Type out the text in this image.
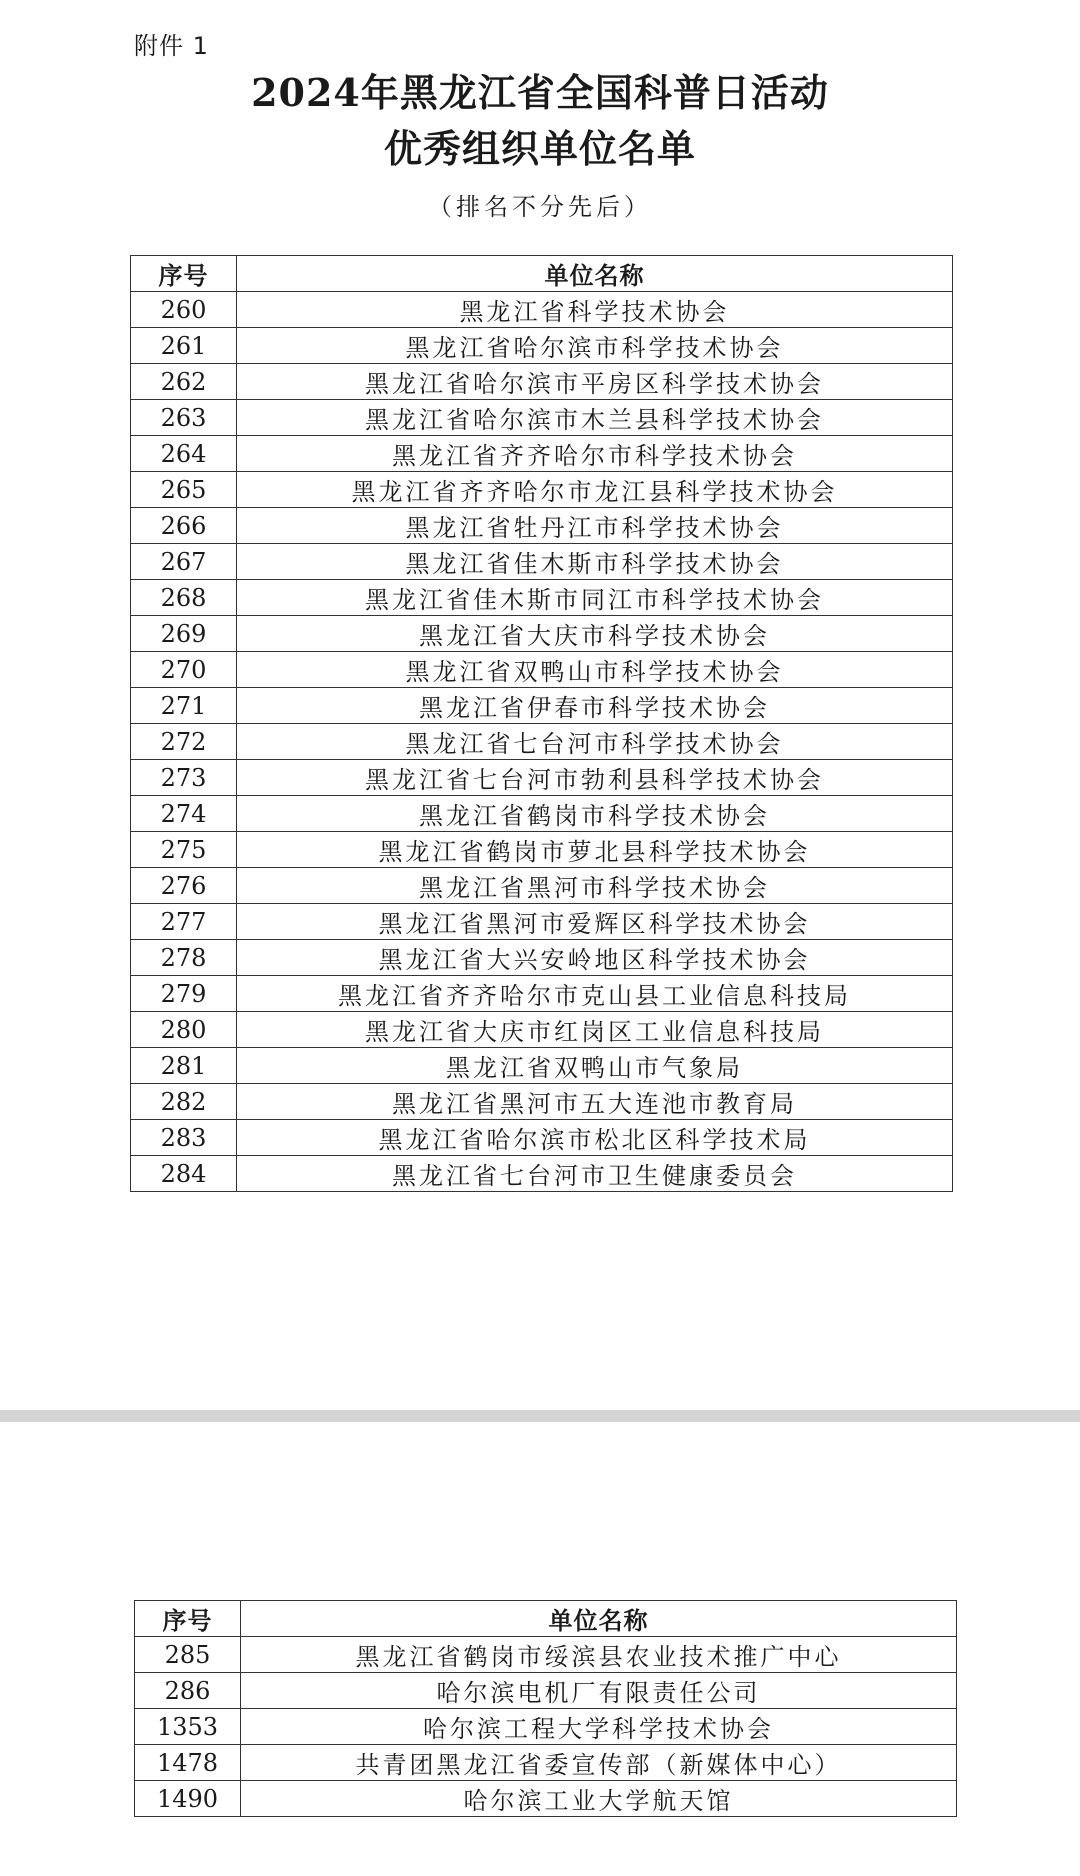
附件 1

2024年黑龙江省全国科普日活动
优秀组织单位名单
（排名不分先后）
序号	单位名称
260	黑龙江省科学技术协会
261	黑龙江省哈尔滨市科学技术协会
262	黑龙江省哈尔滨市平房区科学技术协会
263	黑龙江省哈尔滨市木兰县科学技术协会
264	黑龙江省齐齐哈尔市科学技术协会
265	黑龙江省齐齐哈尔市龙江县科学技术协会
266	黑龙江省牡丹江市科学技术协会
267	黑龙江省佳木斯市科学技术协会
268	黑龙江省佳木斯市同江市科学技术协会
269	黑龙江省大庆市科学技术协会
270	黑龙江省双鸭山市科学技术协会
271	黑龙江省伊春市科学技术协会
272	黑龙江省七台河市科学技术协会
273	黑龙江省七台河市勃利县科学技术协会
274	黑龙江省鹤岗市科学技术协会
275	黑龙江省鹤岗市萝北县科学技术协会
276	黑龙江省黑河市科学技术协会
277	黑龙江省黑河市爱辉区科学技术协会
278	黑龙江省大兴安岭地区科学技术协会
279	黑龙江省齐齐哈尔市克山县工业信息科技局
280	黑龙江省大庆市红岗区工业信息科技局
281	黑龙江省双鸭山市气象局
282	黑龙江省黑河市五大连池市教育局
283	黑龙江省哈尔滨市松北区科学技术局
284	黑龙江省七台河市卫生健康委员会
序号	单位名称
285	黑龙江省鹤岗市绥滨县农业技术推广中心
286	哈尔滨电机厂有限责任公司
1353	哈尔滨工程大学科学技术协会
1478	共青团黑龙江省委宣传部（新媒体中心）
1490	哈尔滨工业大学航天馆
